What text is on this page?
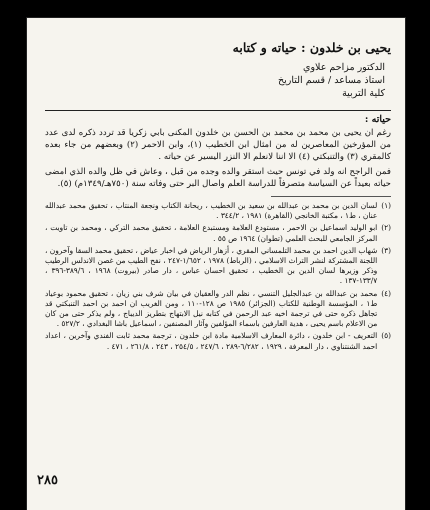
يحيى بن خلدون : حياته و كتابه
الدكتور مزاحم علاوي
استاذ مساعد / قسم التاريخ
كلية التربية
حياته :

رغم ان يحيى بن محمد بن محمد بن الحسن بن خلدون المكنى بابي زكريا قد تردد ذكره لدى عدد من المؤرخين المعاصرين له من امثال ابن الخطيب (١)، وابن الاحمر (٢) وبعضهم من جاء بعده كالمقري (٣) والتنبكتي (٤) الا اننا لانعلم الا النزر اليسير عن حياته .

فمن الراجح انه ولد في تونس حيث استقر والده وجده من قبل ، وعاش في ظل والده الذي امضى حياته بعيداً عن السياسة متصرفاً للدراسة العلم واصال البر حتى وفاته سنة (٧٥٠هـ/١٣٤٩م) (٥).

(١)
لسان الدين بن محمد بن عبدالله بن سعيد بن الخطيب ، ريحانة الكتاب ونجعة المنتاب ، تحقيق محمد عبدالله عنان ، ط١ ، مكتبة الخانجي (القاهرة) ١٩٨١ ، ٣٤٤/٢ .
(٢)
ابو الوليد اسماعيل بن الاحمر ، مستودع العلامة ومستبدع العلامة ، تحقيق محمد التركي ، ومحمد بن تاويت ، المركز الجامعي للبحث العلمي (تطوان) ١٩٦٤ ص ٥٥ .
(٣)
شهاب الدين احمد بن محمد التلمساني المقري ، أزهار الرياض في اخبار عياض ، تحقيق محمد السقا وآخرون ، اللجنة المشتركة لنشر التراث الاسلامي ، (الرباط) ١٩٧٨ ، ١/٦٥٢-٢٤٧ ، نفح الطيب من غصن الاندلس الرطيب وذكر وزيرها لسان الدين بن الخطيب ، تحقيق احسان عباس ، دار صادر (بيروت) ١٩٦٨ ، ٣٨٩/٦-٣٩٦ ، ١٣٣/٧-١٣٧ .
(٤)
محمد بن عبدالله بن عبدالجليل التنسي ، نظم الدر والعقيان في بيان شرف بني زيان ، تحقيق محمود بوعياد ط١ ، المؤسسة الوطنية للكتاب (الجزائر) ١٩٨٥ ص ١٢٨-١١٠ ، ومن الغريب ان احمد بن احمد التنبكتي قد تجاهل ذكره حتى في ترجمة اخيه عبد الرحمن في كتابه نيل الابتهاج بتطريز الديباج ، ولم يذكر حتى من كان من الاعلام باسم يحيى ، هدية العارفين باسماء المؤلفين وآثار المصنفين ، اسماعيل باشا البغدادي ، ٥٢٧/٢ .
(٥)
التعريف - ابن خلدون ، دائرة المعارف الاسلامية مادة ابن خلدون ، ترجمة محمد ثابت الفندي وآخرين ، اعداد احمد الشنتناوي ، دار المعرفة ، ١٩٢٩ ، ٦/٢٨٢-٢٨٩ ، ٢٤٧/٦ ، ٢٥٤/٥ ، ٢٤٣ ، ٢٦١/٨ ، ٤٧١ .
٢٨٥
